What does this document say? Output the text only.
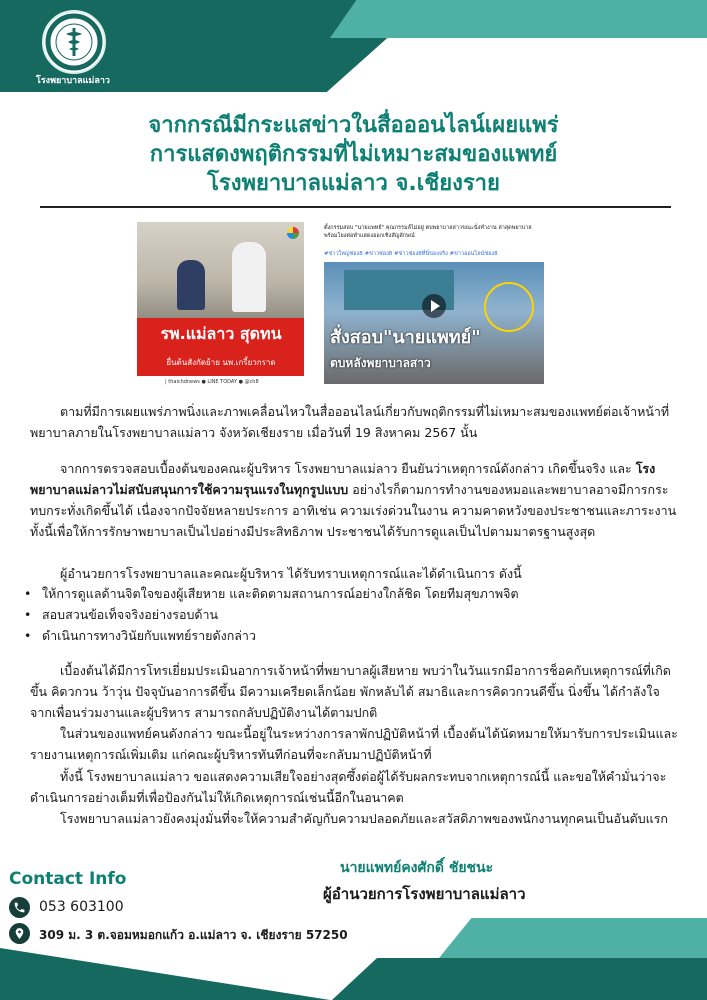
โรงพยาบาลแม่ลาว
จากกรณีมีกระแสข่าวในสื่อออนไลน์เผยแพร่
การแสดงพฤติกรรมที่ไม่เหมาะสมของแพทย์
โรงพยาบาลแม่ลาว จ.เชียงราย
รพ.แม่ลาว สุดทน
ยื่นต้นสังกัดย้าย นพ.เกรี้ยวกราด
| thaichdnews ● LINE TODAY ● @ch8
ตั้งกรรมสอบ "นายแพทย์" คุณกรรมล์ไม่อยู่ ตบพยาบาลสาวขณะนั่งทำงาน ล่าสุดพยาบาลพร้อมโยงต่อทำแสดงออกเชิงสัญลักษณ์
#ข่าวใหญ่ช่อง8 #ข่าวช่อง8 #ข่าวช่อง8ที่นี่ของจริง #ข่าวออนไลน์ช่อง8
สั่งสอบ"นายแพทย์"
ตบหลังพยาบาลสาว
ตามที่มีการเผยแพร่ภาพนิ่งและภาพเคลื่อนไหวในสื่อออนไลน์เกี่ยวกับพฤติกรรมที่ไม่เหมาะสมของแพทย์ต่อเจ้าหน้าที่พยาบาลภายในโรงพยาบาลแม่ลาว จังหวัดเชียงราย เมื่อวันที่ 19 สิงหาคม 2567 นั้น
จากการตรวจสอบเบื้องต้นของคณะผู้บริหาร โรงพยาบาลแม่ลาว ยืนยันว่าเหตุการณ์ดังกล่าว เกิดขึ้นจริง และ โรงพยาบาลแม่ลาวไม่สนับสนุนการใช้ความรุนแรงในทุกรูปแบบ อย่างไรก็ตามการทำงานของหมอและพยาบาลอาจมีการกระทบกระทั่งเกิดขึ้นได้ เนื่องจากปัจจัยหลายประการ อาทิเช่น ความเร่งด่วนในงาน ความคาดหวังของประชาชนและภาระงาน ทั้งนี้เพื่อให้การรักษาพยาบาลเป็นไปอย่างมีประสิทธิภาพ ประชาชนได้รับการดูแลเป็นไปตามมาตรฐานสูงสุด
ผู้อำนวยการโรงพยาบาลและคณะผู้บริหาร ได้รับทราบเหตุการณ์และได้ดำเนินการ ดังนี้
• ให้การดูแลด้านจิตใจของผู้เสียหาย และติดตามสถานการณ์อย่างใกล้ชิด โดยทีมสุขภาพจิต
• สอบสวนข้อเท็จจริงอย่างรอบด้าน
• ดำเนินการทางวินัยกับแพทย์รายดังกล่าว
เบื้องต้นได้มีการโทรเยี่ยมประเมินอาการเจ้าหน้าที่พยาบาลผู้เสียหาย พบว่าในวันแรกมีอาการช็อคกับเหตุการณ์ที่เกิดขึ้น คิดวกวน ว้าวุ่น ปัจจุบันอาการดีขึ้น มีความเครียดเล็กน้อย พักหลับได้ สมาธิและการคิดวกวนดีขึ้น นิ่งขึ้น ได้กำลังใจจากเพื่อนร่วมงานและผู้บริหาร สามารถกลับปฏิบัติงานได้ตามปกติ
ในส่วนของแพทย์คนดังกล่าว ขณะนี้อยู่ในระหว่างการลาพักปฏิบัติหน้าที่ เบื้องต้นได้นัดหมายให้มารับการประเมินและรายงานเหตุการณ์เพิ่มเติม แก่คณะผู้บริหารทันทีก่อนที่จะกลับมาปฏิบัติหน้าที่
ทั้งนี้ โรงพยาบาลแม่ลาว ขอแสดงความเสียใจอย่างสุดซึ้งต่อผู้ได้รับผลกระทบจากเหตุการณ์นี้ และขอให้คำมั่นว่าจะดำเนินการอย่างเต็มที่เพื่อป้องกันไม่ให้เกิดเหตุการณ์เช่นนี้อีกในอนาคต
โรงพยาบาลแม่ลาวยังคงมุ่งมั่นที่จะให้ความสำคัญกับความปลอดภัยและสวัสดิภาพของพนักงานทุกคนเป็นอันดับแรก
นายแพทย์คงศักดิ์ ชัยชนะ
ผู้อำนวยการโรงพยาบาลแม่ลาว
Contact Info
053 603100
309 ม. 3 ต.จอมหมอกแก้ว อ.แม่ลาว จ. เชียงราย 57250
